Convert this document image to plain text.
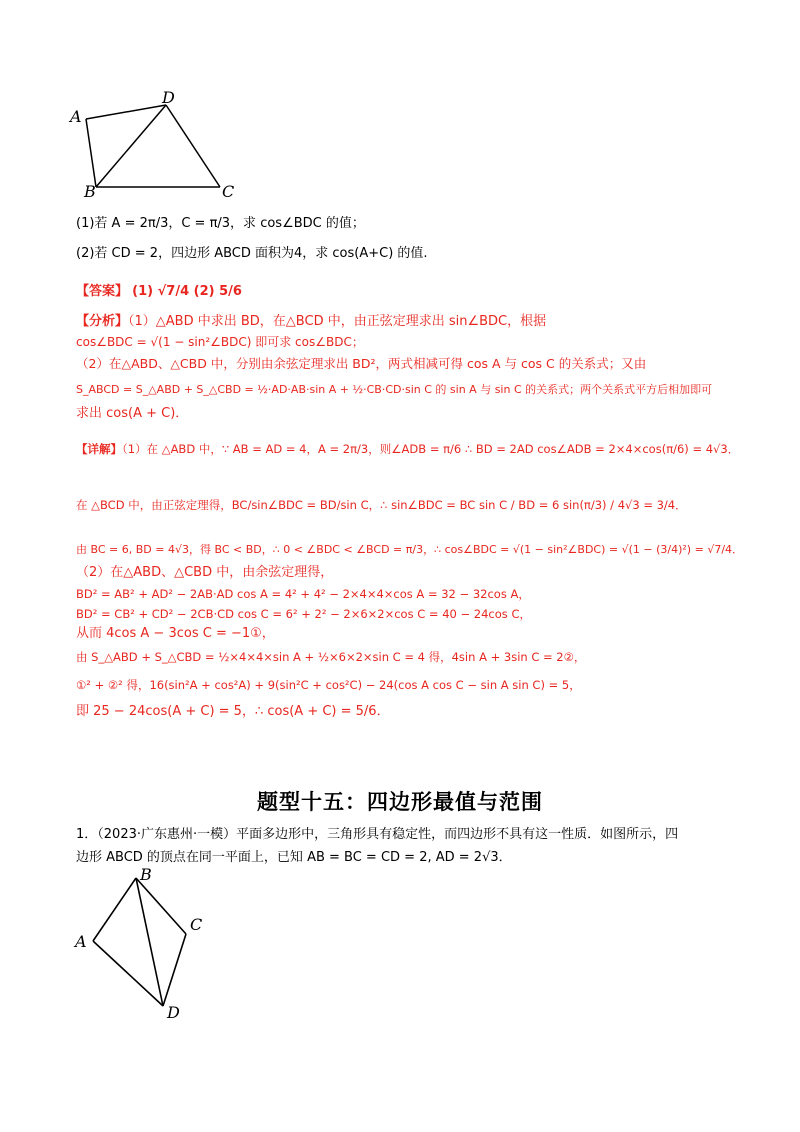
A
B	C
D
(1)若 A = 2π/3，C = π/3，求 cos∠BDC 的值；
(2)若 CD = 2，四边形 ABCD 面积为4，求 cos(A+C) 的值.
【答案】 (1) √7/4 (2) 5/6
【分析】（1）△ABD 中求出 BD，在△BCD 中，由正弦定理求出 sin∠BDC，根据
cos∠BDC = √(1 − sin²∠BDC) 即可求 cos∠BDC；
（2）在△ABD、△CBD 中，分别由余弦定理求出 BD²，两式相减可得 cos A 与 cos C 的关系式；又由
S_ABCD = S_△ABD + S_△CBD = ½·AD·AB·sin A + ½·CB·CD·sin C 的 sin A 与 sin C 的关系式；两个关系式平方后相加即可
求出 cos(A + C)．
【详解】（1）在 △ABD 中，∵ AB = AD = 4，A = 2π/3，则∠ADB = π/6 ∴ BD = 2AD cos∠ADB = 2×4×cos(π/6) = 4√3．
在 △BCD 中，由正弦定理得，BC/sin∠BDC = BD/sin C，∴ sin∠BDC = BC sin C / BD = 6 sin(π/3) / 4√3 = 3/4．
由 BC = 6, BD = 4√3，得 BC < BD，∴ 0 < ∠BDC < ∠BCD = π/3，∴ cos∠BDC = √(1 − sin²∠BDC) = √(1 − (3/4)²) = √7/4．
（2）在△ABD、△CBD 中，由余弦定理得，
BD² = AB² + AD² − 2AB·AD cos A = 4² + 4² − 2×4×4×cos A = 32 − 32cos A，
BD² = CB² + CD² − 2CB·CD cos C = 6² + 2² − 2×6×2×cos C = 40 − 24cos C，
从而 4cos A − 3cos C = −1①，
由 S_△ABD + S_△CBD = ½×4×4×sin A + ½×6×2×sin C = 4 得，4sin A + 3sin C = 2②，
①² + ②² 得，16(sin²A + cos²A) + 9(sin²C + cos²C) − 24(cos A cos C − sin A sin C) = 5，
即 25 − 24cos(A + C) = 5，∴ cos(A + C) = 5/6．
题型十五：四边形最值与范围
1．（2023·广东惠州·一模）平面多边形中，三角形具有稳定性，而四边形不具有这一性质．如图所示，四
边形 ABCD 的顶点在同一平面上，已知 AB = BC = CD = 2, AD = 2√3．
B
A
C
D
